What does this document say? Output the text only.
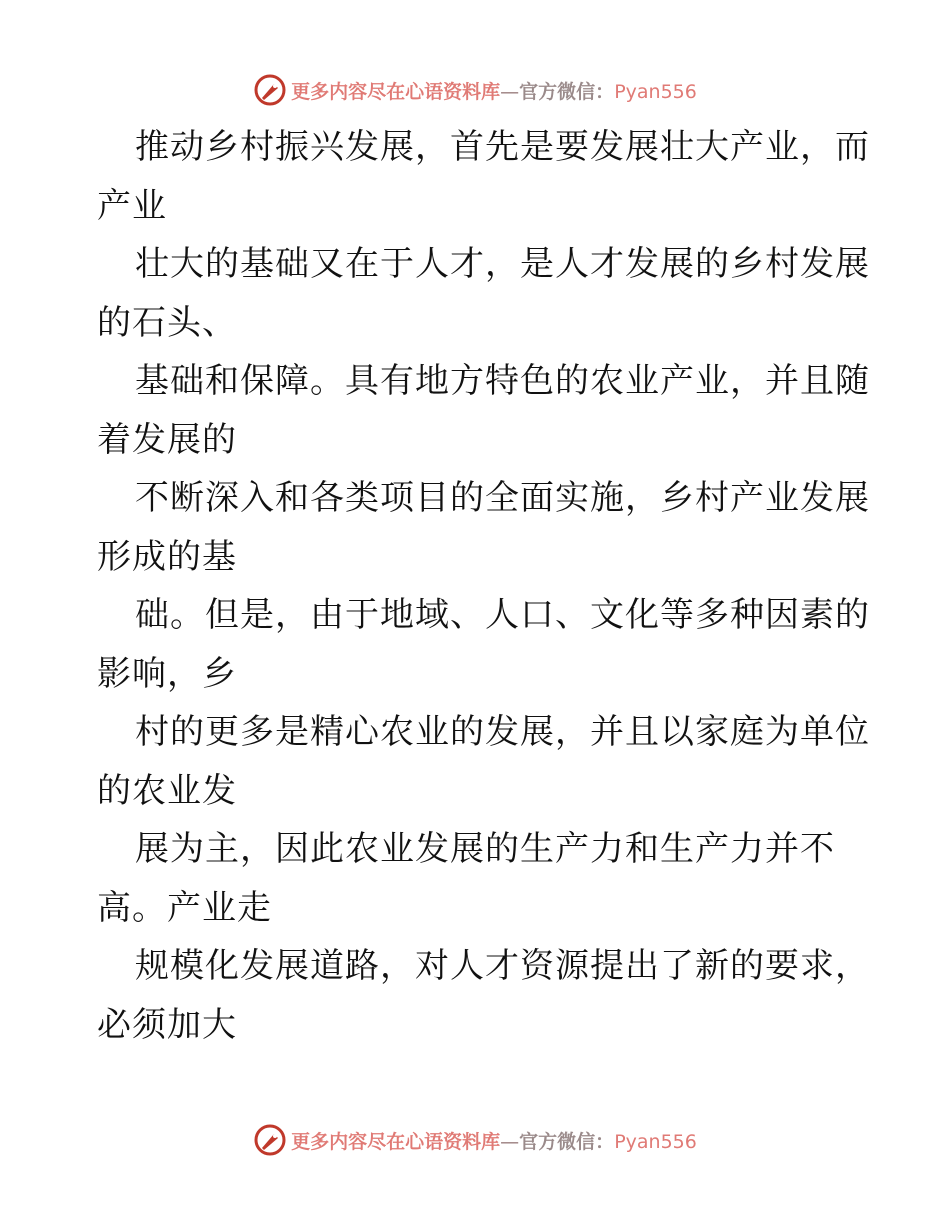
更多内容尽在心语资料库—官方微信：Pyan556
推动乡村振兴发展，首先是要发展壮大产业，而
产业
壮大的基础又在于人才，是人才发展的乡村发展
的石头、
基础和保障。具有地方特色的农业产业，并且随
着发展的
不断深入和各类项目的全面实施，乡村产业发展
形成的基
础。但是，由于地域、人口、文化等多种因素的
影响，乡
村的更多是精心农业的发展，并且以家庭为单位
的农业发
展为主，因此农业发展的生产力和生产力并不
高。产业走
规模化发展道路，对人才资源提出了新的要求，
必须加大
更多内容尽在心语资料库—官方微信：Pyan556
